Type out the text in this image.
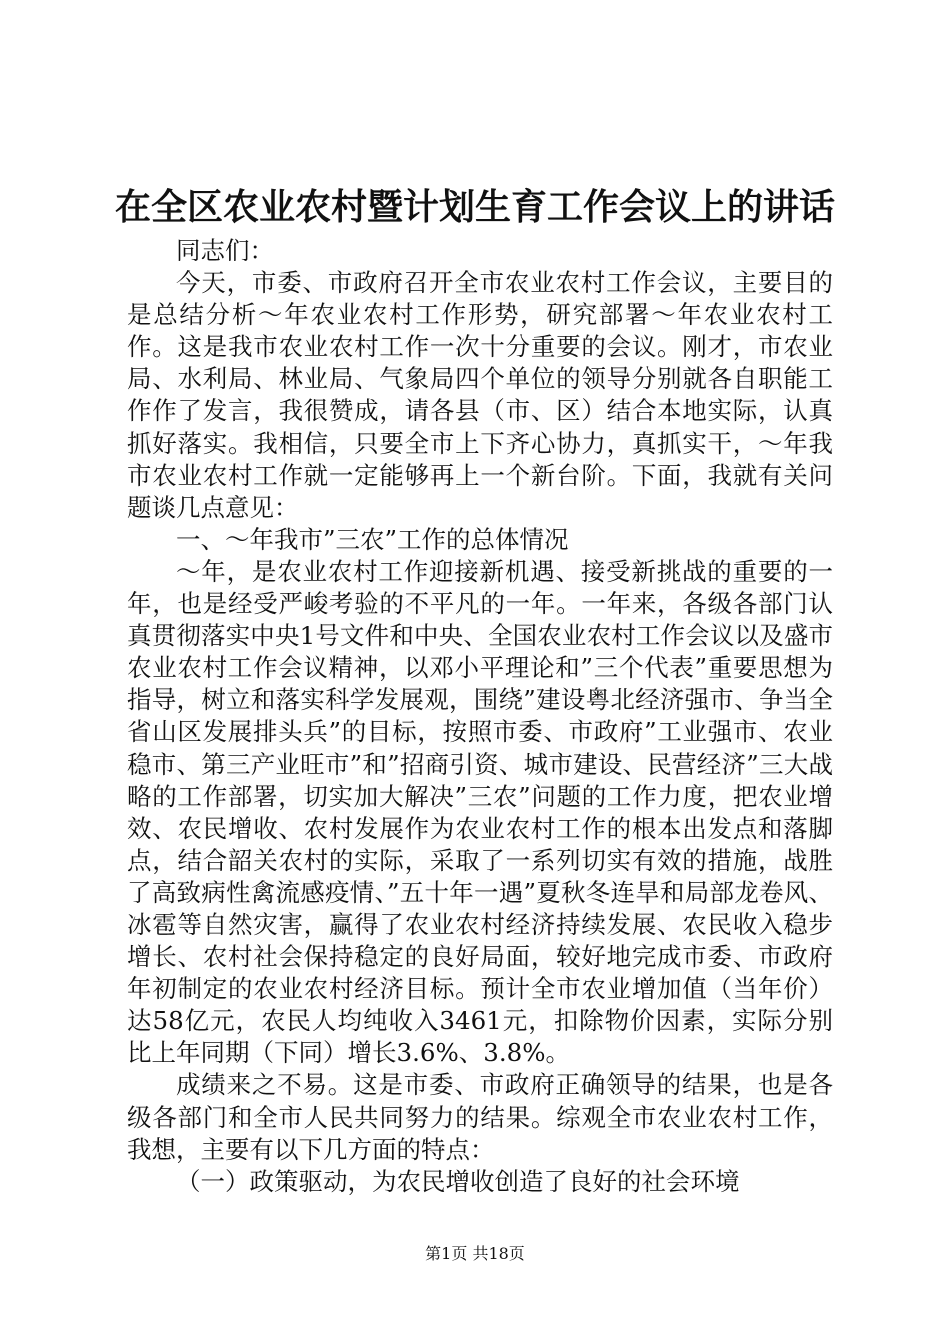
在全区农业农村暨计划生育工作会议上的讲话

同志们：

今天，市委、市政府召开全市农业农村工作会议，主要目的是总结分析～年农业农村工作形势，研究部署～年农业农村工作。这是我市农业农村工作一次十分重要的会议。刚才，市农业局、水利局、林业局、气象局四个单位的领导分别就各自职能工作作了发言，我很赞成，请各县（市、区）结合本地实际，认真抓好落实。我相信，只要全市上下齐心协力，真抓实干，～年我市农业农村工作就一定能够再上一个新台阶。下面，我就有关问题谈几点意见：

一、～年我市”三农”工作的总体情况

～年，是农业农村工作迎接新机遇、接受新挑战的重要的一年，也是经受严峻考验的不平凡的一年。一年来，各级各部门认真贯彻落实中央1号文件和中央、全国农业农村工作会议以及盛市农业农村工作会议精神，以邓小平理论和”三个代表”重要思想为指导，树立和落实科学发展观，围绕”建设粤北经济强市、争当全省山区发展排头兵”的目标，按照市委、市政府”工业强市、农业稳市、第三产业旺市”和”招商引资、城市建设、民营经济”三大战略的工作部署，切实加大解决”三农”问题的工作力度，把农业增效、农民增收、农村发展作为农业农村工作的根本出发点和落脚点，结合韶关农村的实际，采取了一系列切实有效的措施，战胜了高致病性禽流感疫情、”五十年一遇”夏秋冬连旱和局部龙卷风、冰雹等自然灾害，赢得了农业农村经济持续发展、农民收入稳步增长、农村社会保持稳定的良好局面，较好地完成市委、市政府年初制定的农业农村经济目标。预计全市农业增加值（当年价）达58亿元，农民人均纯收入3461元，扣除物价因素，实际分别比上年同期（下同）增长3.6%、3.8%。

成绩来之不易。这是市委、市政府正确领导的结果，也是各级各部门和全市人民共同努力的结果。综观全市农业农村工作，我想，主要有以下几方面的特点：

（一）政策驱动，为农民增收创造了良好的社会环境

第1页 共18页
